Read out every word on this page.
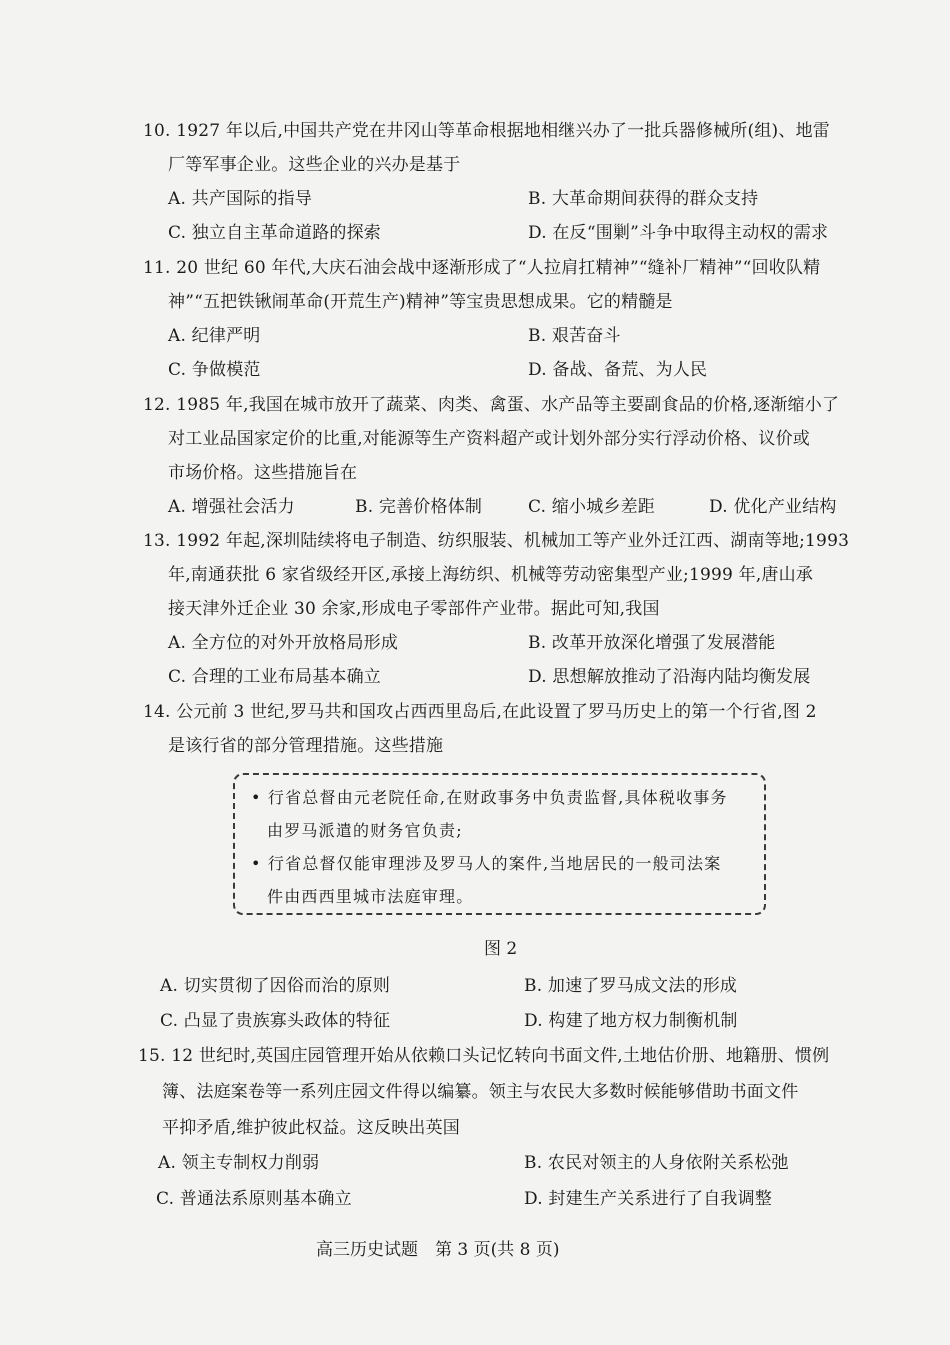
10. 1927 年以后,中国共产党在井冈山等革命根据地相继兴办了一批兵器修械所(组)、地雷
厂等军事企业。这些企业的兴办是基于
A. 共产国际的指导	B. 大革命期间获得的群众支持
C. 独立自主革命道路的探索	D. 在反“围剿”斗争中取得主动权的需求
11. 20 世纪 60 年代,大庆石油会战中逐渐形成了“人拉肩扛精神”“缝补厂精神”“回收队精
神”“五把铁锹闹革命(开荒生产)精神”等宝贵思想成果。它的精髓是
A. 纪律严明	B. 艰苦奋斗
C. 争做模范	D. 备战、备荒、为人民
12. 1985 年,我国在城市放开了蔬菜、肉类、禽蛋、水产品等主要副食品的价格,逐渐缩小了
对工业品国家定价的比重,对能源等生产资料超产或计划外部分实行浮动价格、议价或
市场价格。这些措施旨在
A. 增强社会活力	B. 完善价格体制	C. 缩小城乡差距	D. 优化产业结构
13. 1992 年起,深圳陆续将电子制造、纺织服装、机械加工等产业外迁江西、湖南等地;1993
年,南通获批 6 家省级经开区,承接上海纺织、机械等劳动密集型产业;1999 年,唐山承
接天津外迁企业 30 余家,形成电子零部件产业带。据此可知,我国
A. 全方位的对外开放格局形成	B. 改革开放深化增强了发展潜能
C. 合理的工业布局基本确立	D. 思想解放推动了沿海内陆均衡发展
14. 公元前 3 世纪,罗马共和国攻占西西里岛后,在此设置了罗马历史上的第一个行省,图 2
是该行省的部分管理措施。这些措施
• 行省总督由元老院任命,在财政事务中负责监督,具体税收事务
由罗马派遣的财务官负责;
• 行省总督仅能审理涉及罗马人的案件,当地居民的一般司法案
件由西西里城市法庭审理。
图 2
A. 切实贯彻了因俗而治的原则	B. 加速了罗马成文法的形成
C. 凸显了贵族寡头政体的特征	D. 构建了地方权力制衡机制
15. 12 世纪时,英国庄园管理开始从依赖口头记忆转向书面文件,土地估价册、地籍册、惯例
簿、法庭案卷等一系列庄园文件得以编纂。领主与农民大多数时候能够借助书面文件
平抑矛盾,维护彼此权益。这反映出英国
A. 领主专制权力削弱	B. 农民对领主的人身依附关系松弛
C. 普通法系原则基本确立	D. 封建生产关系进行了自我调整
高三历史试题　第 3 页(共 8 页)
